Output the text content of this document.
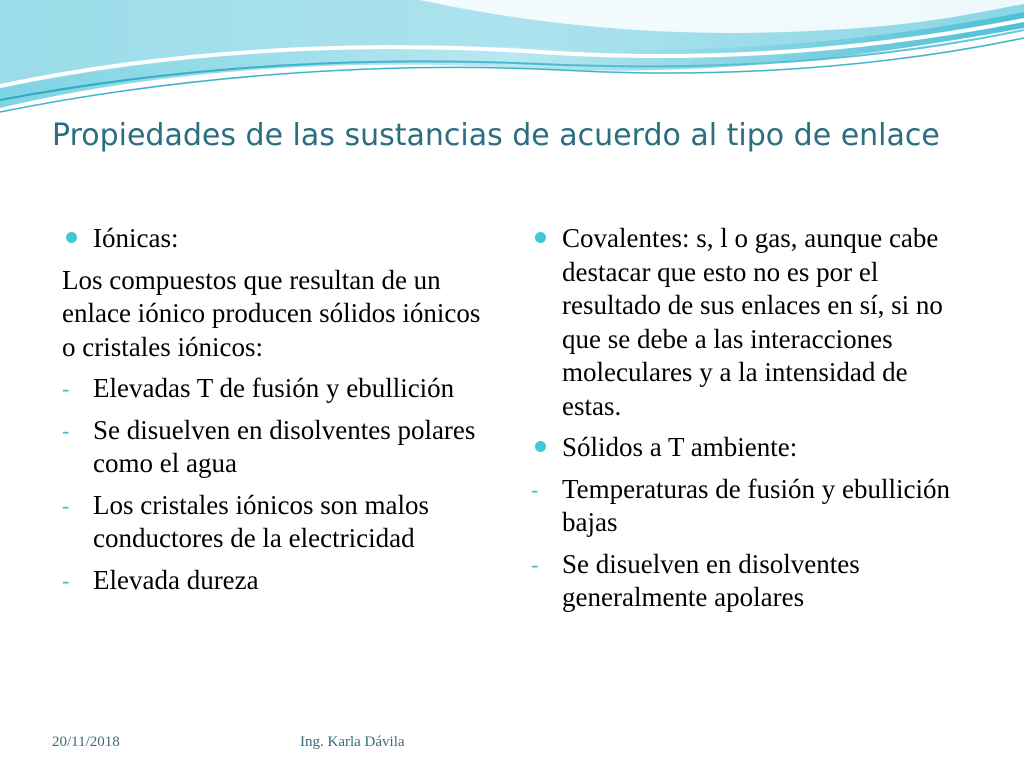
Propiedades de las sustancias de acuerdo al tipo de enlace
Iónicas:
Los compuestos que resultan de un enlace iónico producen sólidos iónicos o cristales iónicos:
- Elevadas T de fusión y ebullición
- Se disuelven en disolventes polares como el agua
- Los cristales iónicos son malos conductores de la electricidad
- Elevada dureza
Covalentes: s, l o gas, aunque cabe destacar que esto no es por el resultado de sus enlaces en sí, si no que se debe a las interacciones moleculares y a la intensidad de estas.
Sólidos a T ambiente:
- Temperaturas de fusión y ebullición bajas
- Se disuelven en disolventes generalmente apolares
20/11/2018	Ing. Karla Dávila
